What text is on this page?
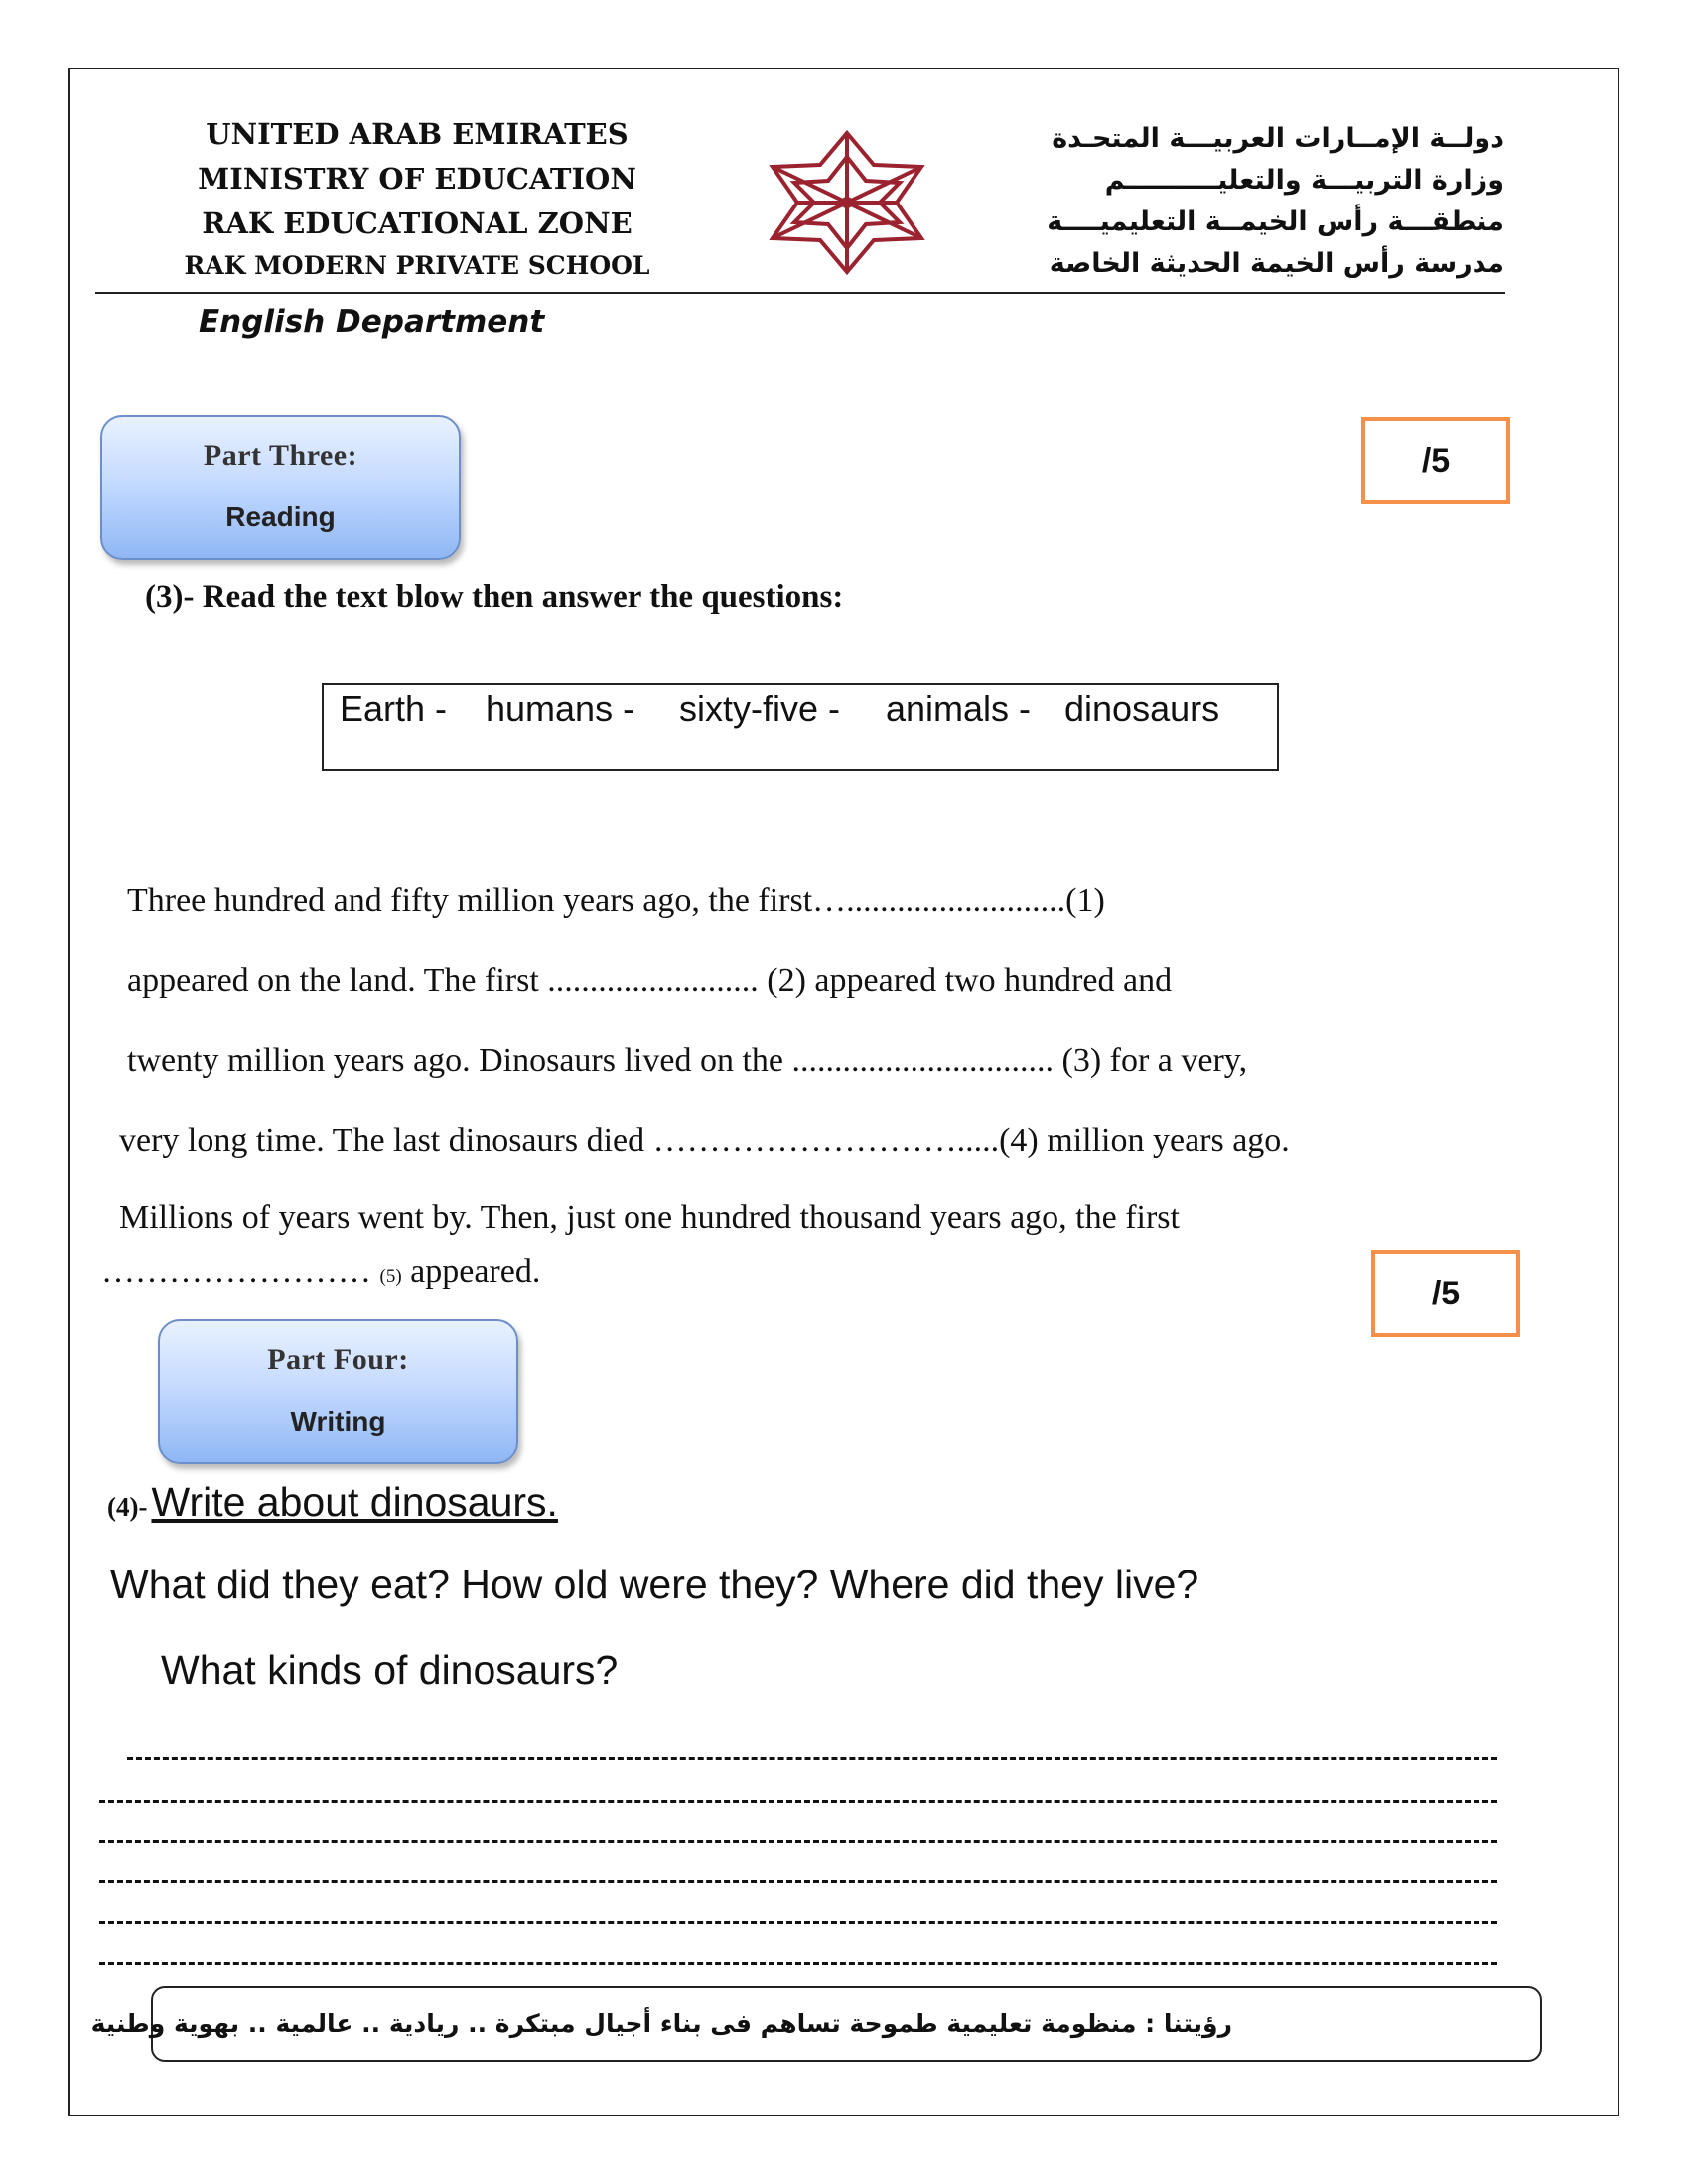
UNITED ARAB EMIRATES
MINISTRY OF EDUCATION
RAK EDUCATIONAL ZONE
RAK MODERN PRIVATE SCHOOL
دولــة الإمــارات العربيـــة المتحـدة
وزارة التربيـــة والتعليــــــــــم
منطقـــة رأس الخيمــة التعليميــــة
مدرسة رأس الخيمة الحديثة الخاصة
English Department
Part Three:
Reading
/5
(3)- Read the text blow then answer the questions:
Earth - humans - sixty-five - animals - dinosaurs
Three hundred and fifty million years ago, the first…..........................(1)
appeared on the land. The first ......................... (2) appeared two hundred and
twenty million years ago. Dinosaurs lived on the ............................... (3) for a very,
very long time. The last dinosaurs died ……………………….....(4) million years ago.
Millions of years went by. Then, just one hundred thousand years ago, the first
…………………… (5) appeared.
/5
Part Four:
Writing
(4)- Write about dinosaurs.
What did they eat? How old were they? Where did they live?
What kinds of dinosaurs?
رؤيتنا : منظومة تعليمية طموحة تساهم فى بناء أجيال مبتكرة .. ريادية .. عالمية .. بهوية وطنية
